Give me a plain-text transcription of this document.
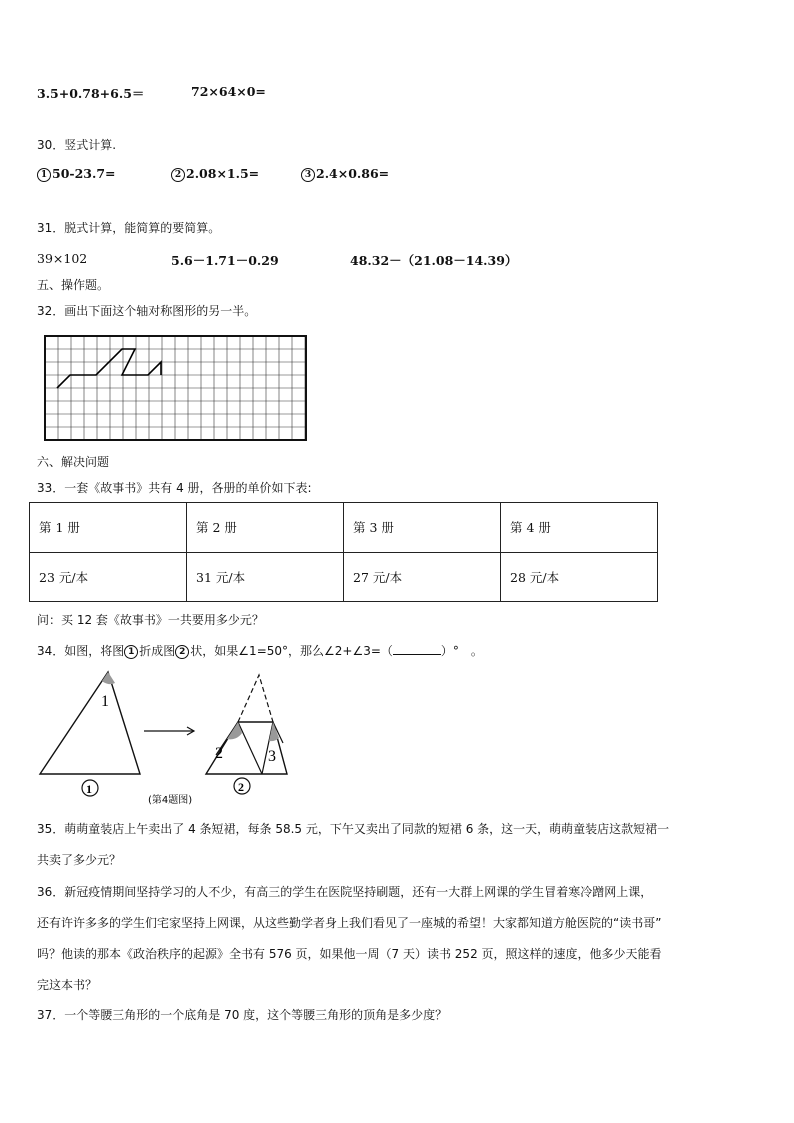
3.5+0.78+6.5＝	72×64×0=
30．竖式计算.
1 50-23.7=	2 2.08×1.5=	3 2.4×0.86=
31．脱式计算，能简算的要简算。
39×102	5.6－1.71－0.29	48.32－（21.08－14.39）
五、操作题。
32．画出下面这个轴对称图形的另一半。
六、解决问题
33．一套《故事书》共有 4 册，各册的单价如下表:
第 1 册	第 2 册	第 3 册	第 4 册
23 元/本	31 元/本	27 元/本	28 元/本
问：买 12 套《故事书》一共要用多少元？
34．如图，将图 1 折成图 2 状，如果∠1=50°，那么∠2+∠3=（	）°　。
1
1
2	3
2
(第4题图)
35．萌萌童装店上午卖出了 4 条短裙，每条 58.5 元，下午又卖出了同款的短裙 6 条，这一天，萌萌童装店这款短裙一
共卖了多少元？
36．新冠疫情期间坚持学习的人不少，有高三的学生在医院坚持刷题，还有一大群上网课的学生冒着寒冷蹭网上课，
还有许许多多的学生们宅家坚持上网课，从这些勤学者身上我们看见了一座城的希望！大家都知道方舱医院的“读书哥”
吗？他读的那本《政治秩序的起源》全书有 576 页，如果他一周（7 天）读书 252 页，照这样的速度，他多少天能看
完这本书？
37．一个等腰三角形的一个底角是 70 度，这个等腰三角形的顶角是多少度？
